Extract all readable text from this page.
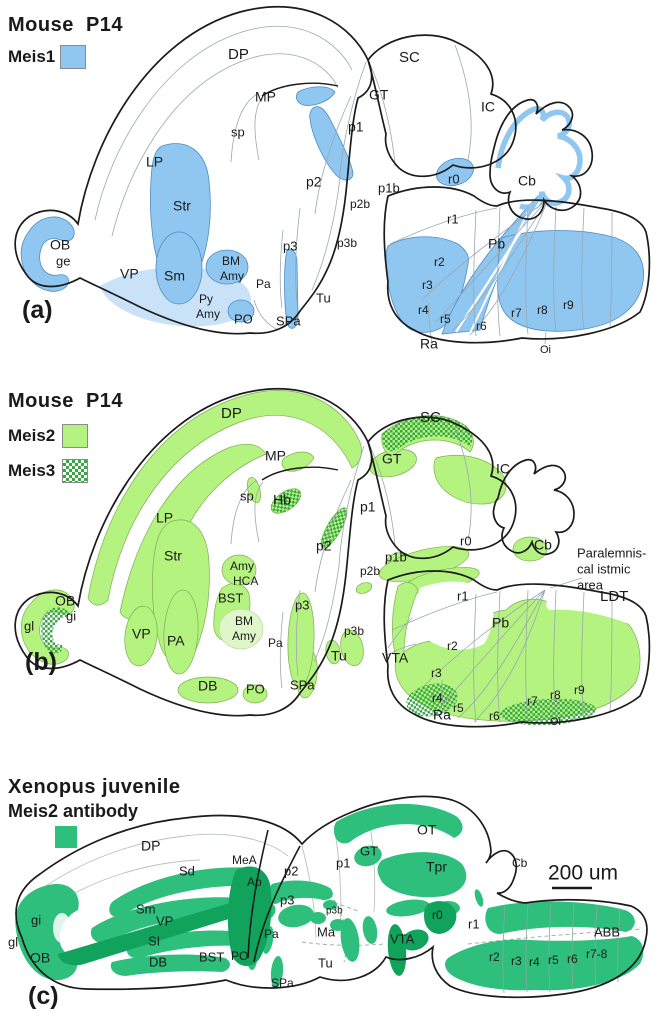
DP
MP
sp
LP
SC
GT
IC
p1
p2
p2b
p1b
p3	p3b
r0	Cb
r1
Pb
OB
ge
VP
Str
Sm
BM
Amy
Pa
Py
Amy
Tu
PO SPa
r2
r3
r4
r5 r6
r7 r8 r9
Ra	Oi
DP
MP
sp Hb
LP
Str
SC
GT
IC
p1
p2
p1b
p2b
r0	Cb
r1
Pb
Amy
HCA
BST
BM
Amy Pa
p3
p3b
VP PA
OB
gi
gl
DB PO SPa
Tu	VTA
r2
r3
r4
r5
r6
r7 r8 r9
Ra	Oi
Paralemnis-
cal istmic
area
LDT
DP
MeA
Ap
p2
p1
GT
OT
Tpr	Cb 200 um
Sd
Sm
VP
SI
gi
gl
OB	DB BST PO
Pa
SPa
p3
p3b
Ma
Tu
VTA
r0
r1
ABB
r2 r3 r4 r5 r6 r7-8
Mouse  P14
Meis1
(a)
Mouse  P14
Meis2
Meis3
(b)
Xenopus juvenile
Meis2 antibody
(c)
